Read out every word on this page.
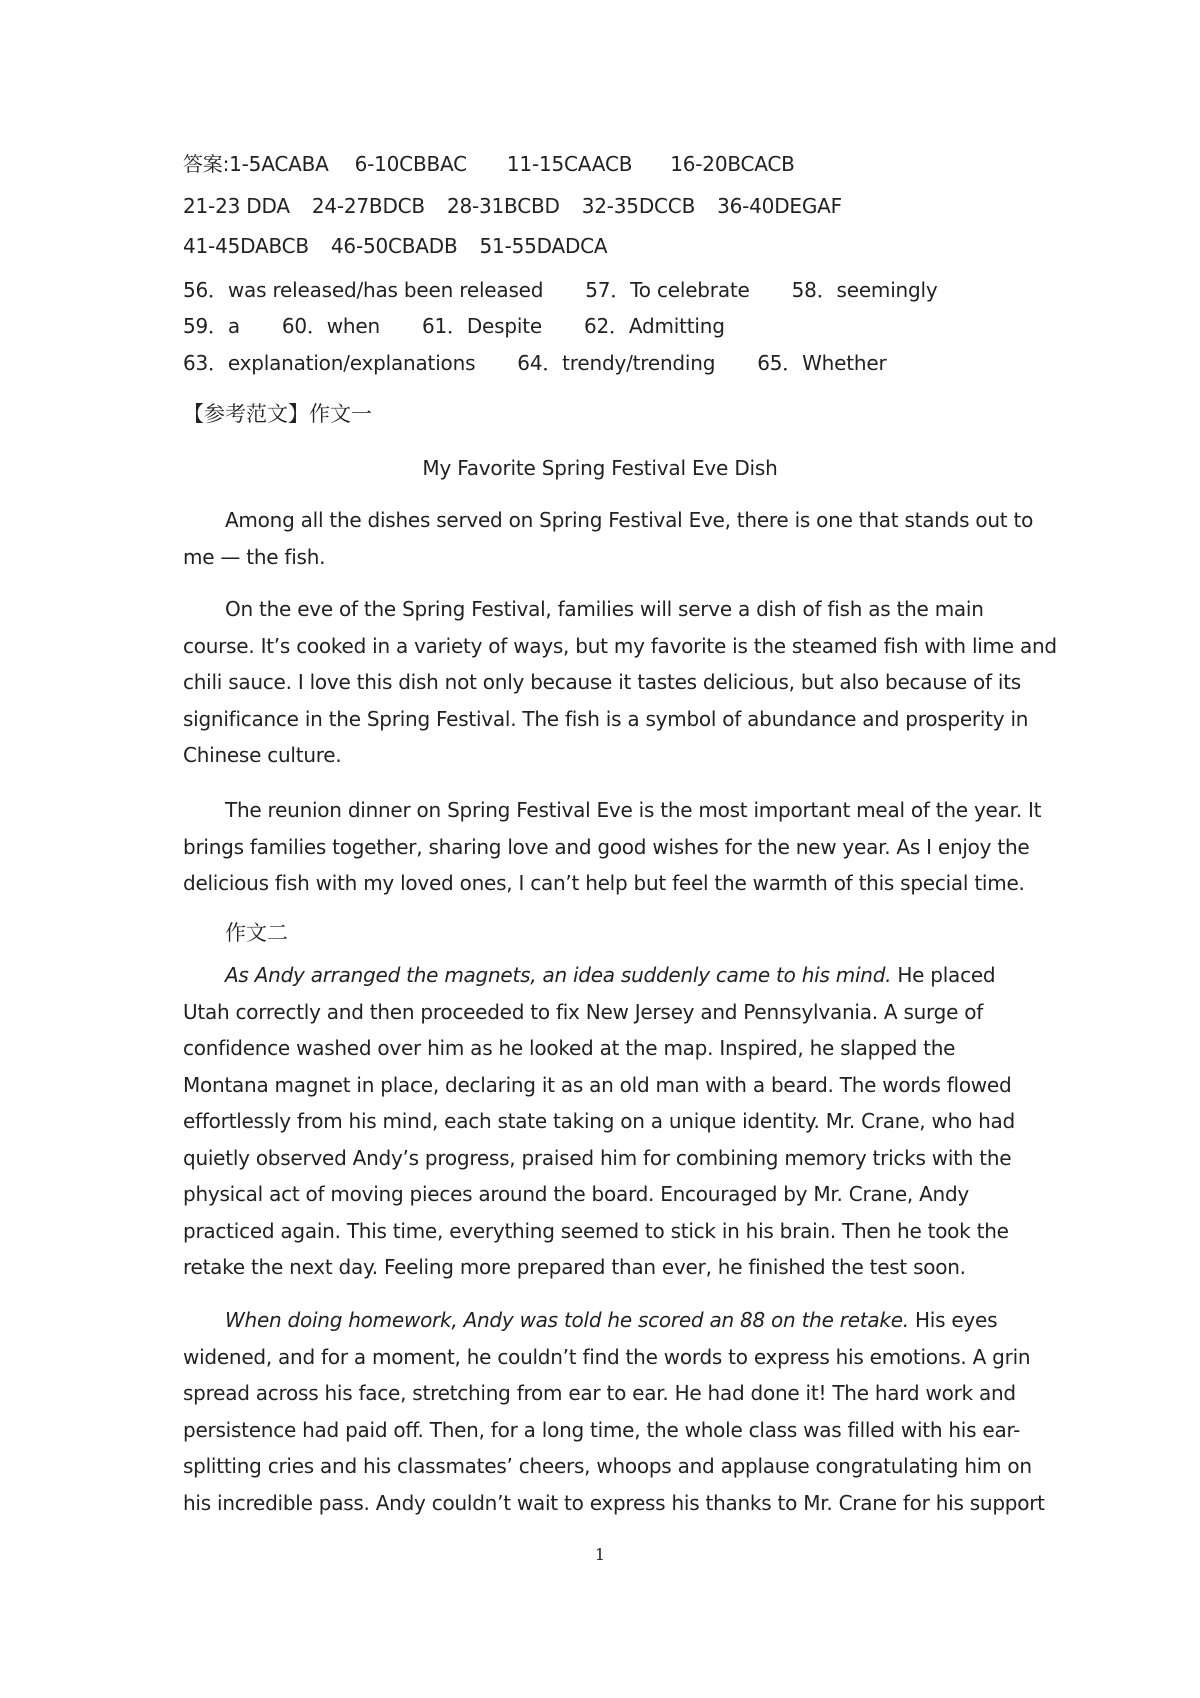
答案:1-5ACABA 6-10CBBAC 11-15CAACB 16-20BCACB
21-23 DDA 24-27BDCB 28-31BCBD 32-35DCCB 36-40DEGAF
41-45DABCB 46-50CBADB 51-55DADCA
56．was released/has been released 57．To celebrate 58．seemingly
59．a 60．when 61．Despite 62．Admitting
63．explanation/explanations 64．trendy/trending 65．Whether
【参考范文】作文一
My Favorite Spring Festival Eve Dish
Among all the dishes served on Spring Festival Eve, there is one that stands out to
me — the fish.
On the eve of the Spring Festival, families will serve a dish of fish as the main
course. It’s cooked in a variety of ways, but my favorite is the steamed fish with lime and
chili sauce. I love this dish not only because it tastes delicious, but also because of its
significance in the Spring Festival. The fish is a symbol of abundance and prosperity in
Chinese culture.
The reunion dinner on Spring Festival Eve is the most important meal of the year. It
brings families together, sharing love and good wishes for the new year. As I enjoy the
delicious fish with my loved ones, I can’t help but feel the warmth of this special time.
作文二
As Andy arranged the magnets, an idea suddenly came to his mind. He placed
Utah correctly and then proceeded to fix New Jersey and Pennsylvania. A surge of
confidence washed over him as he looked at the map. Inspired, he slapped the
Montana magnet in place, declaring it as an old man with a beard. The words flowed
effortlessly from his mind, each state taking on a unique identity. Mr. Crane, who had
quietly observed Andy’s progress, praised him for combining memory tricks with the
physical act of moving pieces around the board. Encouraged by Mr. Crane, Andy
practiced again. This time, everything seemed to stick in his brain. Then he took the
retake the next day. Feeling more prepared than ever, he finished the test soon.
When doing homework, Andy was told he scored an 88 on the retake. His eyes
widened, and for a moment, he couldn’t find the words to express his emotions. A grin
spread across his face, stretching from ear to ear. He had done it! The hard work and
persistence had paid off. Then, for a long time, the whole class was filled with his ear-
splitting cries and his classmates’ cheers, whoops and applause congratulating him on
his incredible pass. Andy couldn’t wait to express his thanks to Mr. Crane for his support
1
